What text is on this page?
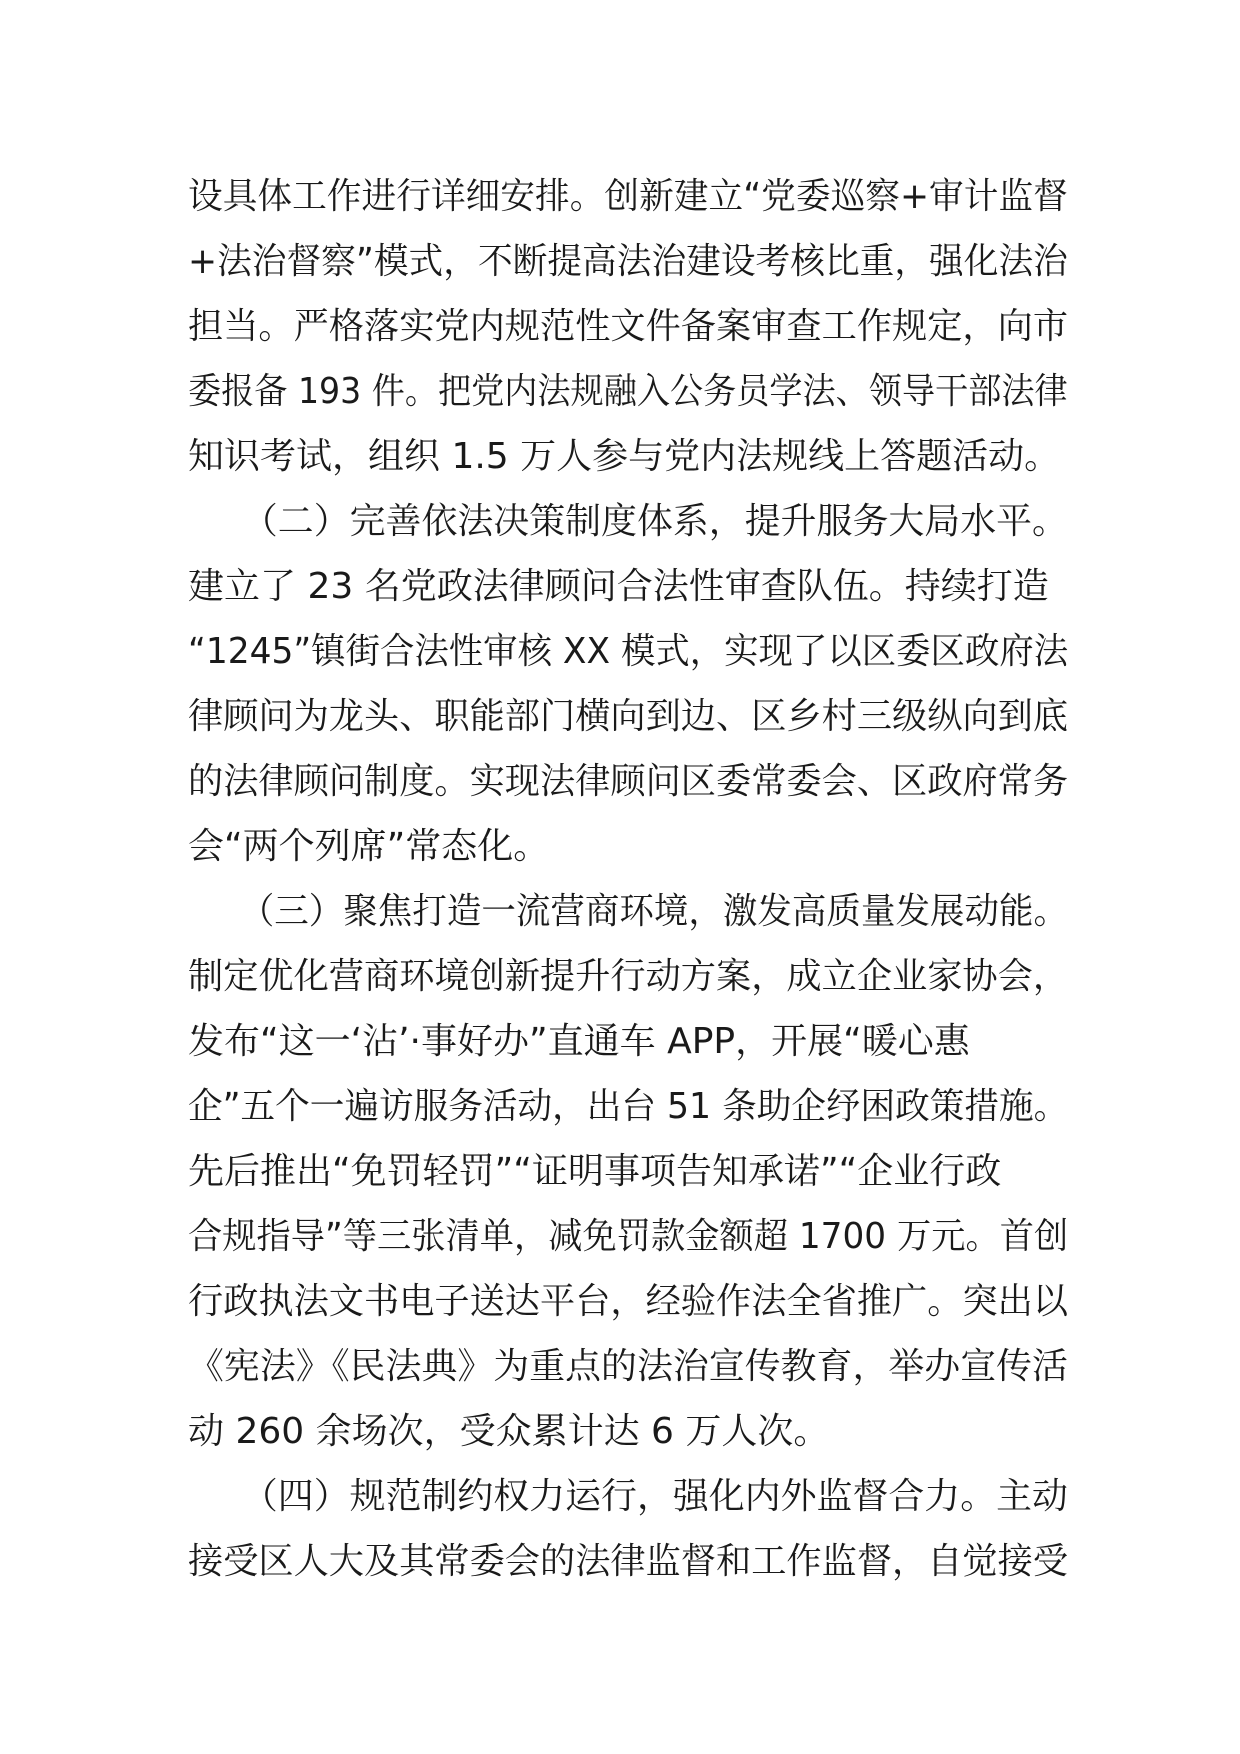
设具体工作进行详细安排。创新建立“党委巡察+审计监督
+法治督察”模式，不断提高法治建设考核比重，强化法治
担当。严格落实党内规范性文件备案审查工作规定，向市
委报备 193 件。把党内法规融入公务员学法、领导干部法律
知识考试，组织 1.5 万人参与党内法规线上答题活动。
　　（二）完善依法决策制度体系，提升服务大局水平。
建立了 23 名党政法律顾问合法性审查队伍。持续打造
“1245”镇街合法性审核 XX 模式，实现了以区委区政府法
律顾问为龙头、职能部门横向到边、区乡村三级纵向到底
的法律顾问制度。实现法律顾问区委常委会、区政府常务
会“两个列席”常态化。
　　（三）聚焦打造一流营商环境，激发高质量发展动能。
制定优化营商环境创新提升行动方案，成立企业家协会，
发布“这一‘沾’·事好办”直通车 APP，开展“暖心惠
企”五个一遍访服务活动，出台 51 条助企纾困政策措施。
先后推出“免罚轻罚”“证明事项告知承诺”“企业行政
合规指导”等三张清单，减免罚款金额超 1700 万元。首创
行政执法文书电子送达平台，经验作法全省推广。突出以
《宪法》《民法典》为重点的法治宣传教育，举办宣传活
动 260 余场次，受众累计达 6 万人次。
　　（四）规范制约权力运行，强化内外监督合力。主动
接受区人大及其常委会的法律监督和工作监督，自觉接受
